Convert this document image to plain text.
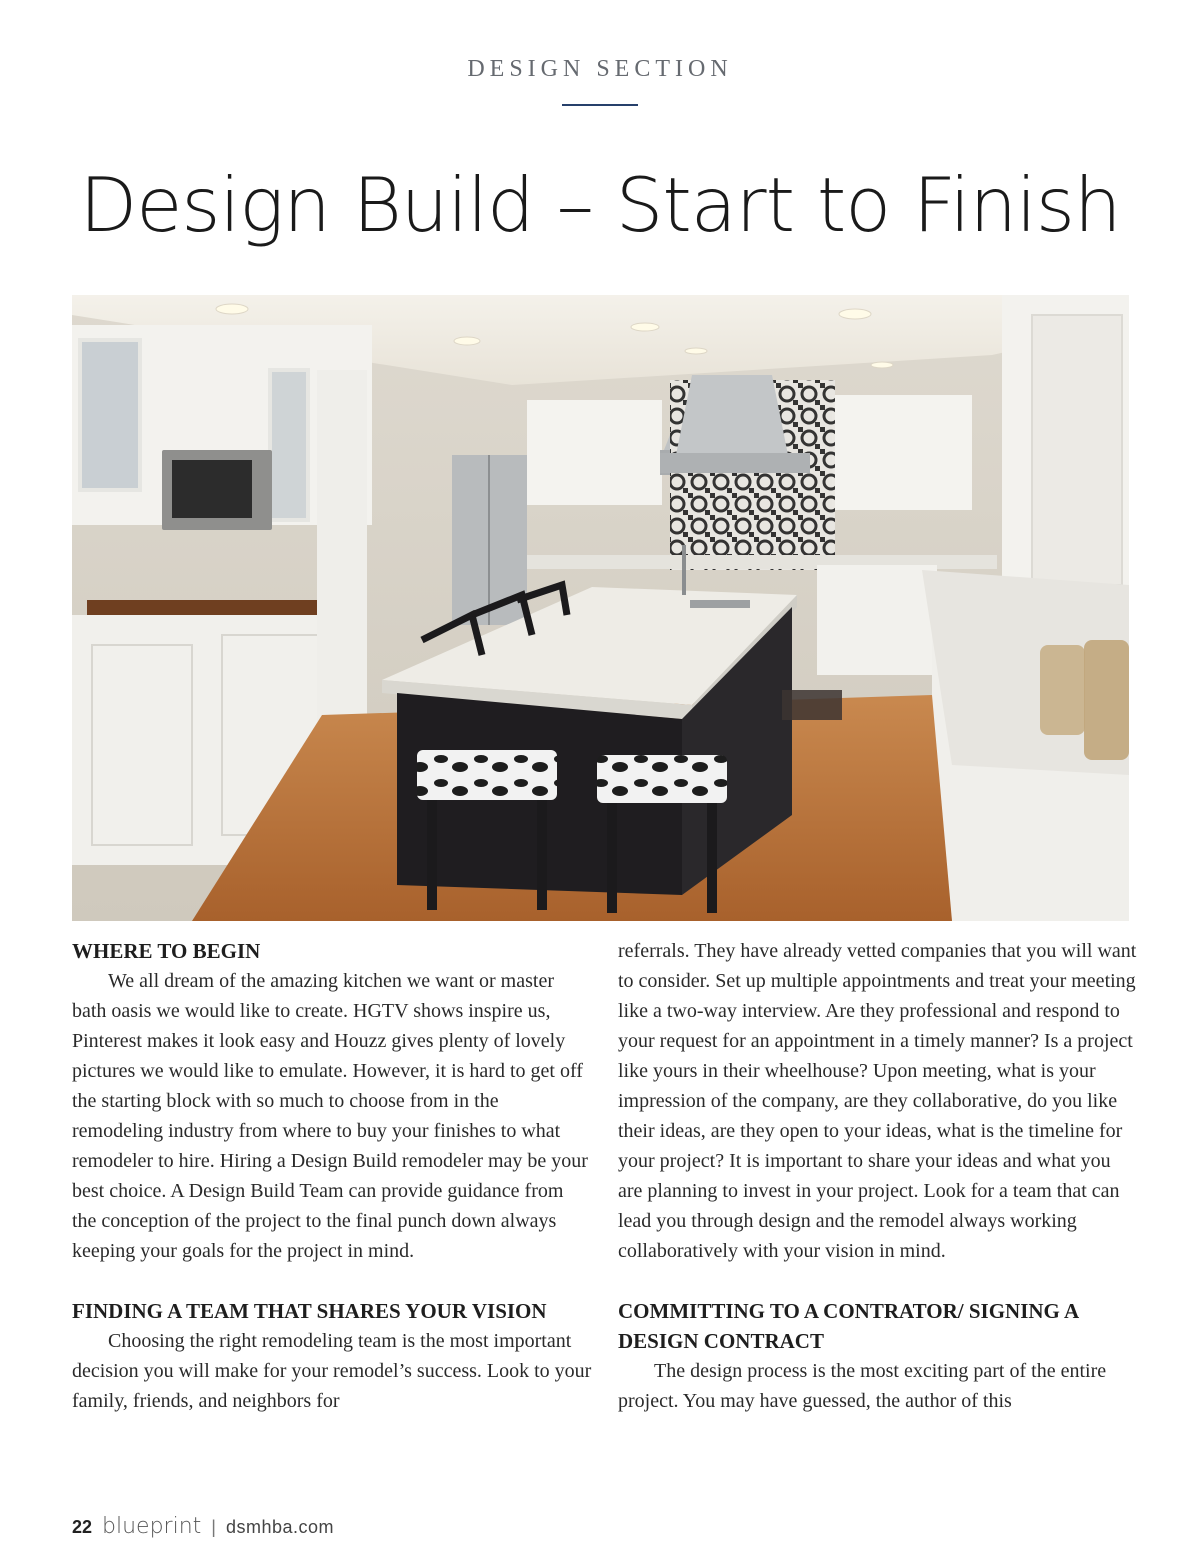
DESIGN SECTION
Design Build – Start to Finish
WHERE TO BEGIN

We all dream of the amazing kitchen we want or master bath oasis we would like to create. HGTV shows inspire us, Pinterest makes it look easy and Houzz gives plenty of lovely pictures we would like to emulate. However, it is hard to get off the starting block with so much to choose from in the remodeling industry from where to buy your finishes to what remodeler to hire. Hiring a Design Build remodeler may be your best choice. A Design Build Team can provide guidance from the conception of the project to the final punch down always keeping your goals for the project in mind.

FINDING A TEAM THAT SHARES YOUR VISION

Choosing the right remodeling team is the most important decision you will make for your remodel’s success. Look to your family, friends, and neighbors for

referrals. They have already vetted companies that you will want to consider. Set up multiple appointments and treat your meeting like a two-way interview. Are they professional and respond to your request for an appointment in a timely manner? Is a project like yours in their wheelhouse? Upon meeting, what is your impression of the company, are they collaborative, do you like their ideas, are they open to your ideas, what is the timeline for your project? It is important to share your ideas and what you are planning to invest in your project. Look for a team that can lead you through design and the remodel always working collaboratively with your vision in mind.

COMMITTING TO A CONTRATOR/ SIGNING A DESIGN CONTRACT

The design process is the most exciting part of the entire project. You may have guessed, the author of this

22 blueprint | dsmhba.com
